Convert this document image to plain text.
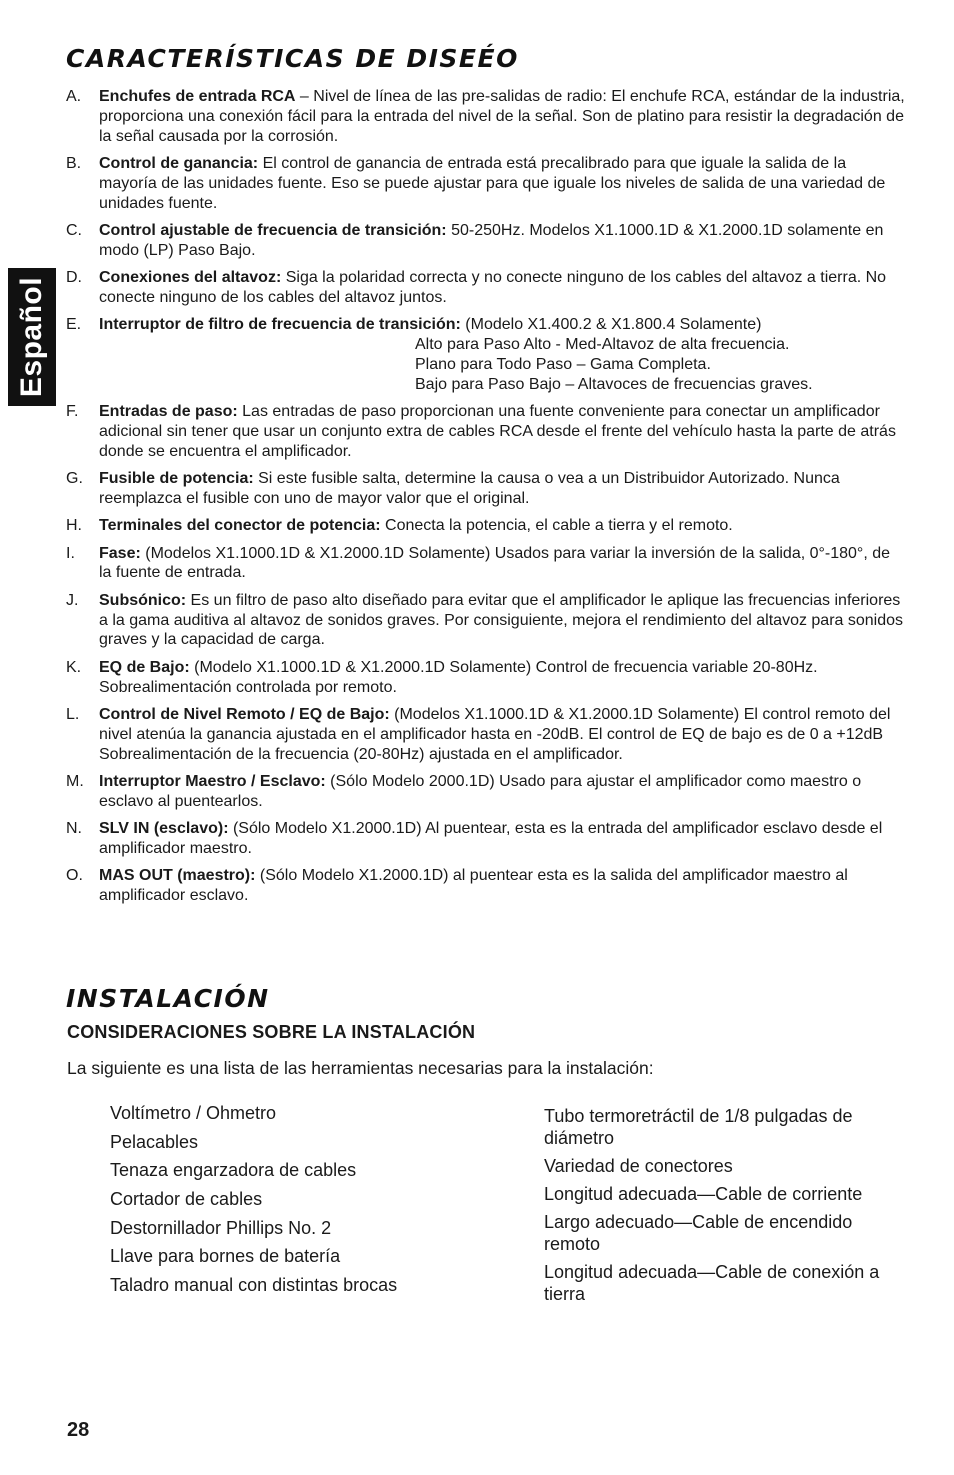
Español
CARACTERÍSTICAS DE DISEÉO
A.	Enchufes de entrada RCA – Nivel de línea de las pre-salidas de radio: El enchufe RCA, estándar de la industria, proporciona una conexión fácil para la entrada del nivel de la señal. Son de platino para resistir la degradación de la señal causada por la corrosión.
B.	Control de ganancia: El control de ganancia de entrada está precalibrado para que iguale la salida de la mayoría de las unidades fuente. Eso se puede ajustar para que iguale los niveles de salida de una variedad de unidades fuente.
C.	Control ajustable de frecuencia de transición: 50-250Hz. Modelos X1.1000.1D & X1.2000.1D solamente en modo (LP) Paso Bajo.
D.	Conexiones del altavoz: Siga la polaridad correcta y no conecte ninguno de los cables del altavoz a tierra. No conecte ninguno de los cables del altavoz juntos.
E.	Interruptor de filtro de frecuencia de transición: (Modelo X1.400.2 & X1.800.4 Solamente)
Alto para Paso Alto - Med-Altavoz de alta frecuencia.
Plano para Todo Paso – Gama Completa.
Bajo para Paso Bajo – Altavoces de frecuencias graves.
F.	Entradas de paso: Las entradas de paso proporcionan una fuente conveniente para conectar un amplificador adicional sin tener que usar un conjunto extra de cables RCA desde el frente del vehículo hasta la parte de atrás donde se encuentra el amplificador.
G.	Fusible de potencia: Si este fusible salta, determine la causa o vea a un Distribuidor Autorizado. Nunca reemplazca el fusible con uno de mayor valor que el original.
H.	Terminales del conector de potencia: Conecta la potencia, el cable a tierra y el remoto.
I.	Fase: (Modelos X1.1000.1D & X1.2000.1D Solamente) Usados para variar la inversión de la salida, 0°-180°, de la fuente de entrada.
J.	Subsónico: Es un filtro de paso alto diseñado para evitar que el amplificador le aplique las frecuencias inferiores a la gama auditiva al altavoz de sonidos graves. Por consiguiente, mejora el rendimiento del altavoz para sonidos graves y la capacidad de carga.
K.	EQ de Bajo: (Modelo X1.1000.1D & X1.2000.1D Solamente) Control de frecuencia variable 20-80Hz. Sobrealimentación controlada por remoto.
L.	Control de Nivel Remoto / EQ de Bajo: (Modelos X1.1000.1D & X1.2000.1D Solamente) El control remoto del nivel atenúa la ganancia ajustada en el amplificador hasta en -20dB. El control de EQ de bajo es de 0 a +12dB Sobrealimentación de la frecuencia (20-80Hz) ajustada en el amplificador.
M. Interruptor Maestro / Esclavo: (Sólo Modelo 2000.1D) Usado para ajustar el amplificador como maestro o esclavo al puentearlos.
N.	SLV IN (esclavo): (Sólo Modelo X1.2000.1D) Al puentear, esta es la entrada del amplificador esclavo desde el amplificador maestro.
O.	MAS OUT (maestro): (Sólo Modelo X1.2000.1D) al puentear esta es la salida del amplificador maestro al amplificador esclavo.
INSTALACIÓN
CONSIDERACIONES SOBRE LA INSTALACIÓN

La siguiente es una lista de las herramientas necesarias para la instalación:

Voltímetro / Ohmetro
Pelacables
Tenaza engarzadora de cables
Cortador de cables
Destornillador Phillips No. 2
Llave para bornes de batería
Taladro manual con distintas brocas
Tubo termoretráctil de 1/8 pulgadas de diámetro
Variedad de conectores
Longitud adecuada—Cable de corriente
Largo adecuado—Cable de encendido remoto
Longitud adecuada—Cable de conexión a tierra

28
